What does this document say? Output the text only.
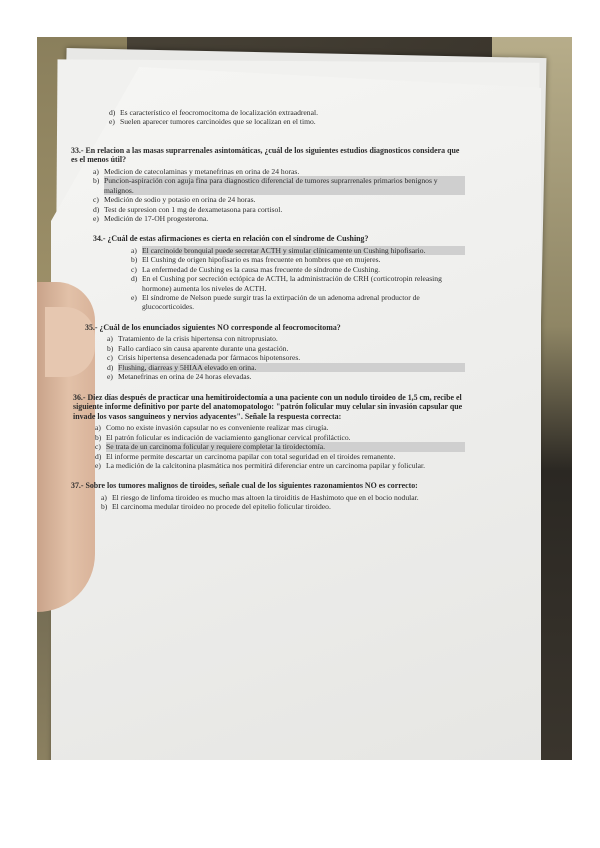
d) Es característico el feocromocitoma de localización extraadrenal.
e) Suelen aparecer tumores carcinoides que se localizan en el timo.
33.- En relacion a las masas suprarrenales asintomáticas, ¿cuál de los siguientes estudios diagnosticos considera que es el menos útil?
a) Medicion de catecolaminas y metanefrinas en orina de 24 horas.
b) Puncion-aspiración con aguja fina para diagnostico diferencial de tumores suprarrenales primarios benignos y malignos.
c) Medición de sodio y potasio en orina de 24 horas.
d) Test de supresion con 1 mg de dexametasona para cortisol.
e) Medición de 17-OH progesterona.
34.- ¿Cuál de estas afirmaciones es cierta en relación con el síndrome de Cushing?
a) El carcinoide bronquial puede secretar ACTH y simular clínicamente un Cushing hipofisario.
b) El Cushing de origen hipofisario es mas frecuente en hombres que en mujeres.
c) La enfermedad de Cushing es la causa mas frecuente de síndrome de Cushing.
d) En el Cushing por secreción ectópica de ACTH, la administración de CRH (corticotropin releasing hormone) aumenta los niveles de ACTH.
e) El síndrome de Nelson puede surgir tras la extirpación de un adenoma adrenal productor de glucocorticoides.
35.- ¿Cuál de los enunciados siguientes NO corresponde al feocromocitoma?
a) Tratamiento de la crisis hipertensa con nitroprusiato.
b) Fallo cardiaco sin causa aparente durante una gestación.
c) Crisis hipertensa desencadenada por fármacos hipotensores.
d) Flushing, diarreas y 5HIAA elevado en orina.
e) Metanefrinas en orina de 24 horas elevadas.
36.- Diez días después de practicar una hemitiroidectomía a una paciente con un nodulo tiroideo de 1,5 cm, recibe el siguiente informe definitivo por parte del anatomopatologo: "patrón folicular muy celular sin invasión capsular que invade los vasos sanguineos y nervios adyacentes". Señale la respuesta correcta:
a) Como no existe invasión capsular no es conveniente realizar mas cirugía.
b) El patrón folicular es indicación de vaciamiento ganglionar cervical profiláctico.
c) Se trata de un carcinoma folicular y requiere completar la tiroidectomía.
d) El informe permite descartar un carcinoma papilar con total seguridad en el tiroides remanente.
e) La medición de la calcitonina plasmática nos permitirá diferenciar entre un carcinoma papilar y folicular.
37.- Sobre los tumores malignos de tiroides, señale cual de los siguientes razonamientos NO es correcto:
a) El riesgo de linfoma tiroideo es mucho mas altoen la tiroiditis de Hashimoto que en el bocio nodular.
b) El carcinoma medular tiroideo no procede del epitelio folicular tiroideo.
